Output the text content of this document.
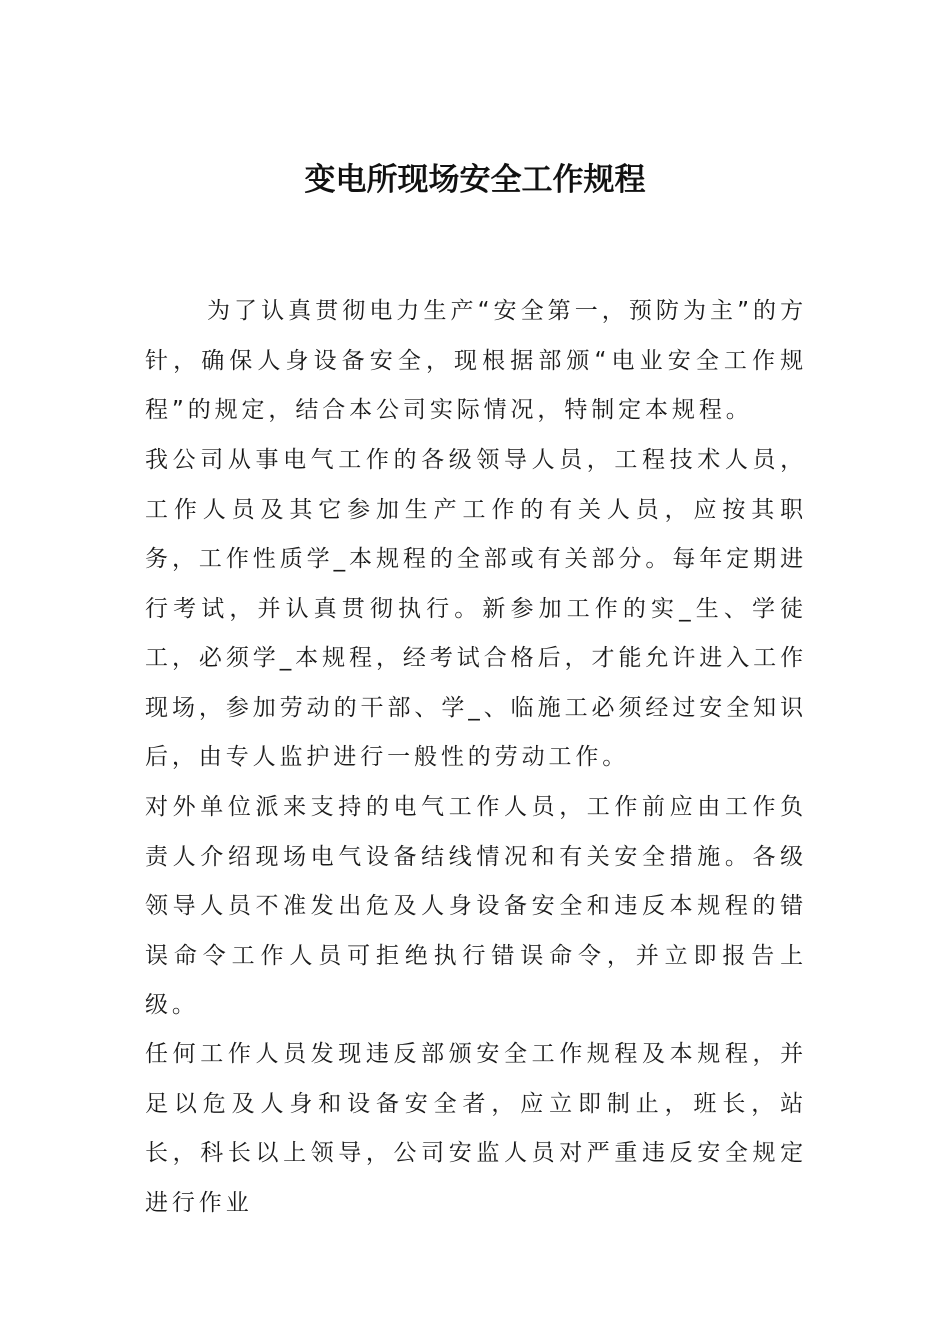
变电所现场安全工作规程

为了认真贯彻电力生产“安全第一，预防为主”的方针，确保人身设备安全，现根据部颁“电业安全工作规程”的规定，结合本公司实际情况，特制定本规程。

我公司从事电气工作的各级领导人员，工程技术人员，工作人员及其它参加生产工作的有关人员，应按其职务，工作性质学_本规程的全部或有关部分。每年定期进行考试，并认真贯彻执行。新参加工作的实_生、学徒工，必须学_本规程，经考试合格后，才能允许进入工作现场，参加劳动的干部、学_、临施工必须经过安全知识后，由专人监护进行一般性的劳动工作。

对外单位派来支持的电气工作人员，工作前应由工作负责人介绍现场电气设备结线情况和有关安全措施。各级领导人员不准发出危及人身设备安全和违反本规程的错误命令工作人员可拒绝执行错误命令，并立即报告上级。

任何工作人员发现违反部颁安全工作规程及本规程，并足以危及人身和设备安全者，应立即制止，班长，站长，科长以上领导，公司安监人员对严重违反安全规定进行作业
